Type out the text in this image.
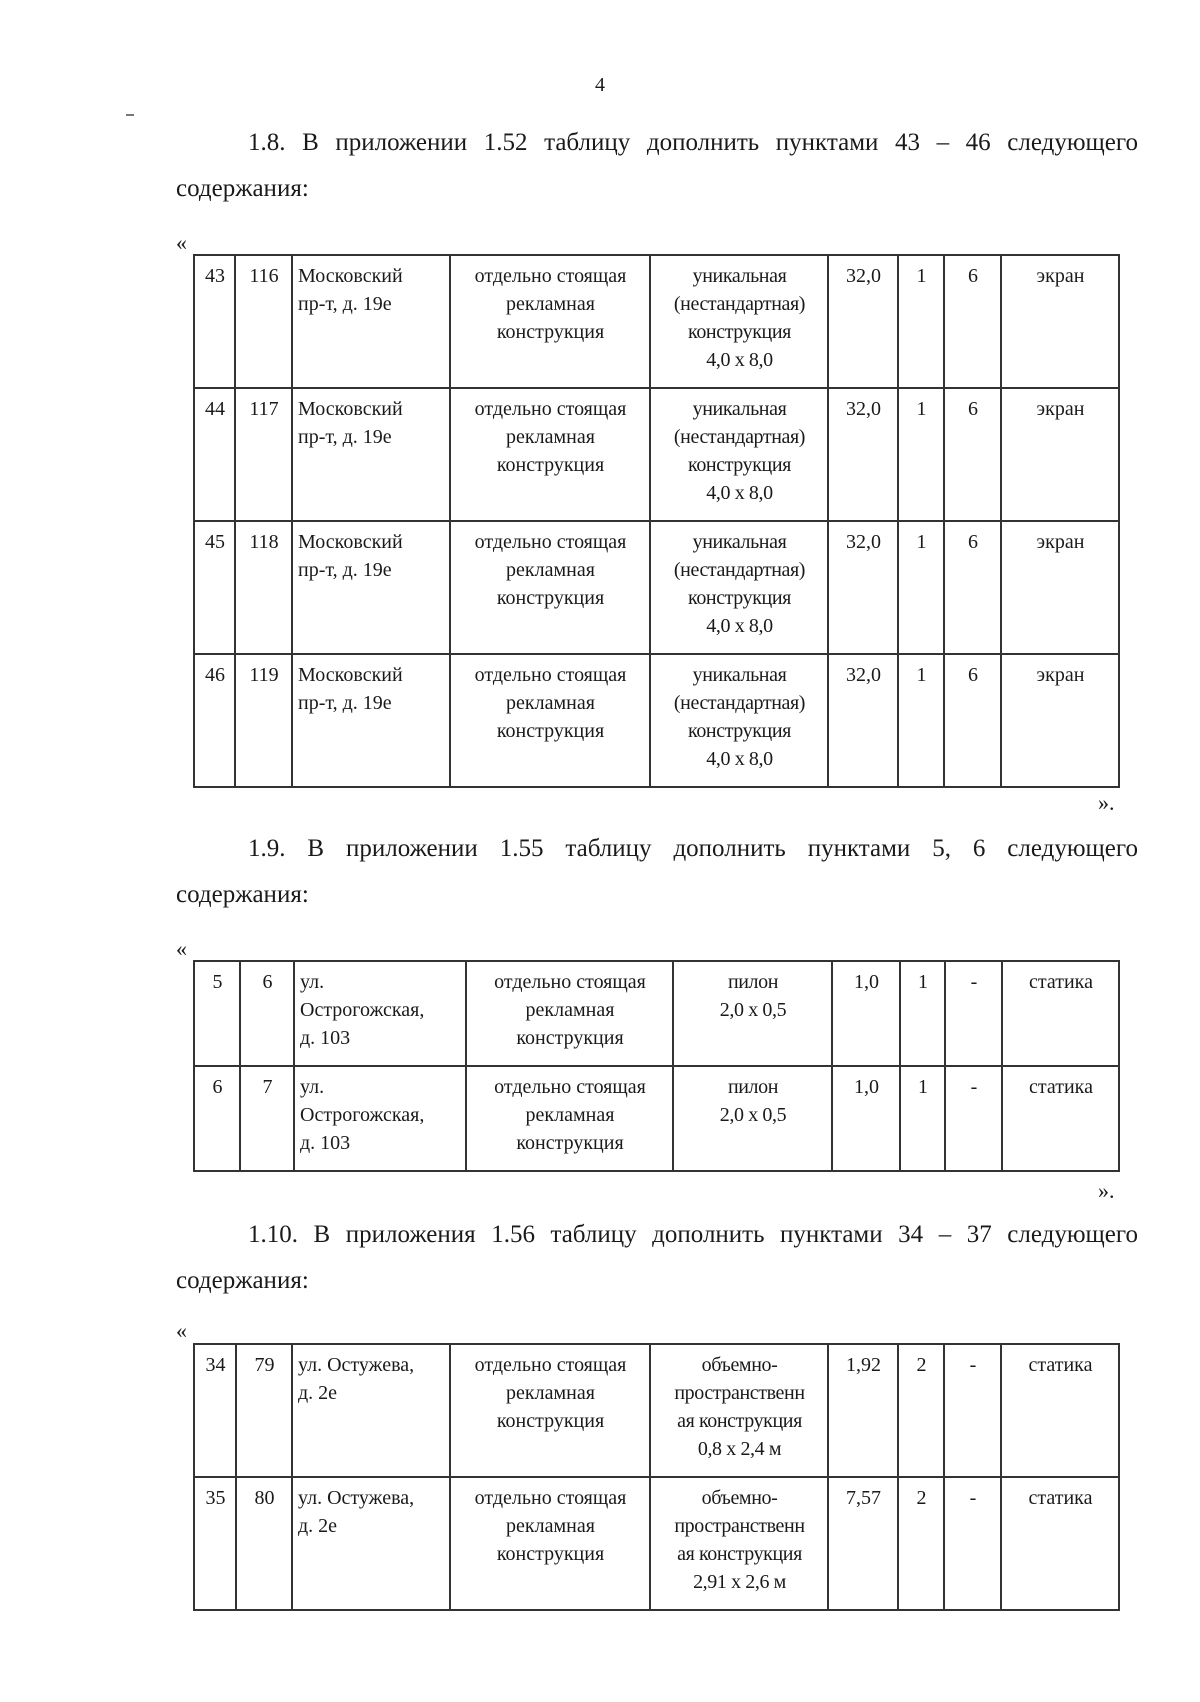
4
1.8. В приложении 1.52 таблицу дополнить пунктами 43 – 46 следующего
содержания:
«
43	116	Московский
пр-т, д. 19е	отдельно стоящая
рекламная
конструкция	уникальная
(нестандартная)
конструкция
4,0 х 8,0	32,0	1	6	экран
44	117	Московский
пр-т, д. 19е	отдельно стоящая
рекламная
конструкция	уникальная
(нестандартная)
конструкция
4,0 х 8,0	32,0	1	6	экран
45	118	Московский
пр-т, д. 19е	отдельно стоящая
рекламная
конструкция	уникальная
(нестандартная)
конструкция
4,0 х 8,0	32,0	1	6	экран
46	119	Московский
пр-т, д. 19е	отдельно стоящая
рекламная
конструкция	уникальная
(нестандартная)
конструкция
4,0 х 8,0	32,0	1	6	экран
».
1.9. В приложении 1.55 таблицу дополнить пунктами 5, 6 следующего
содержания:
«
5	6	ул.
Острогожская,
д. 103	отдельно стоящая
рекламная
конструкция	пилон
2,0 х 0,5	1,0	1	-	статика
6	7	ул.
Острогожская,
д. 103	отдельно стоящая
рекламная
конструкция	пилон
2,0 х 0,5	1,0	1	-	статика
».
1.10. В приложения 1.56 таблицу дополнить пунктами 34 – 37 следующего
содержания:
«
34	79	ул. Остужева,
д. 2е	отдельно стоящая
рекламная
конструкция	объемно-
пространственн
ая конструкция
0,8 х 2,4 м	1,92	2	-	статика
35	80	ул. Остужева,
д. 2е	отдельно стоящая
рекламная
конструкция	объемно-
пространственн
ая конструкция
2,91 х 2,6 м	7,57	2	-	статика
